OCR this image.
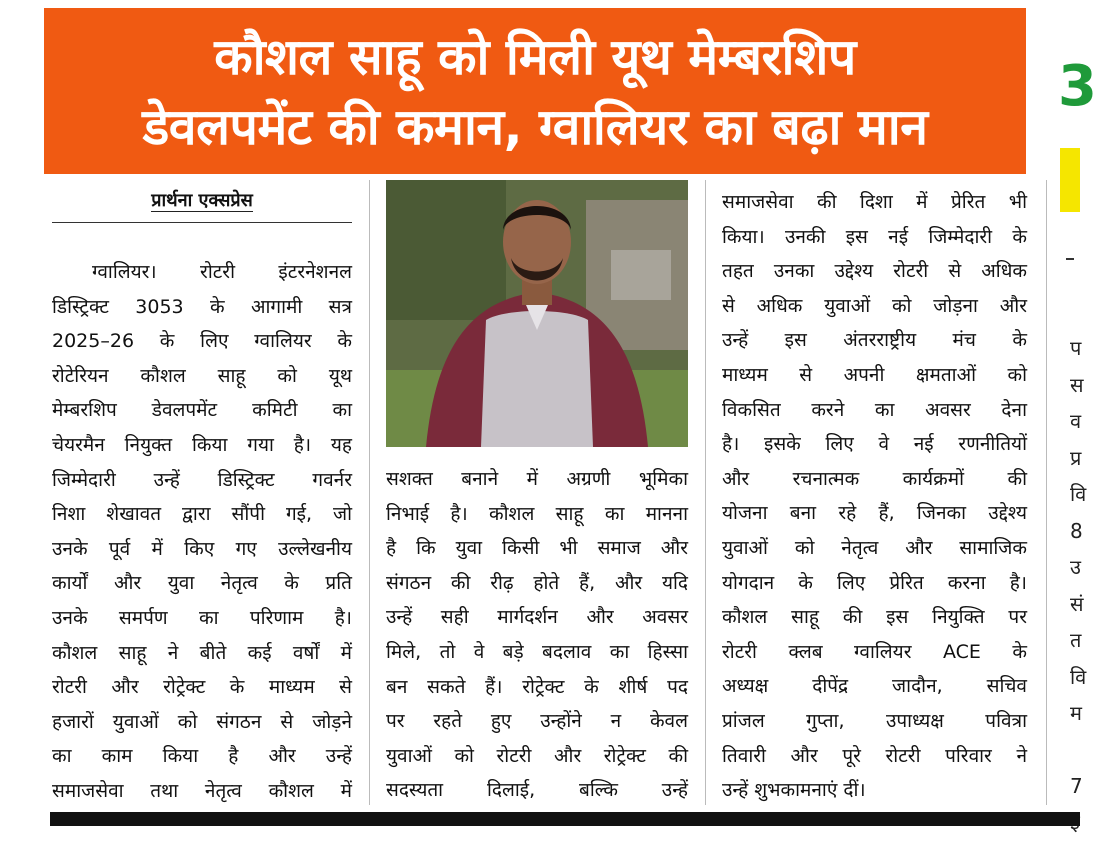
कौशल साहू को मिली यूथ मेम्बरशिप
डेवलपमेंट की कमान, ग्वालियर का बढ़ा मान
3
प
स
व
प्र
वि
8
उ
सं
त
वि
म
7
प्रार्थना एक्सप्रेस

ग्वालियर। रोटरी इंटरनेशनल

डिस्ट्रिक्ट 3053 के आगामी सत्र

2025–26 के लिए ग्वालियर के

रोटेरियन कौशल साहू को यूथ

मेम्बरशिप डेवलपमेंट कमिटी का

चेयरमैन नियुक्त किया गया है। यह

जिम्मेदारी उन्हें डिस्ट्रिक्ट गवर्नर

निशा शेखावत द्वारा सौंपी गई, जो

उनके पूर्व में किए गए उल्लेखनीय

कार्यों और युवा नेतृत्व के प्रति

उनके समर्पण का परिणाम है।

कौशल साहू ने बीते कई वर्षों में

रोटरी और रोट्रेक्ट के माध्यम से

हजारों युवाओं को संगठन से जोड़ने

का काम किया है और उन्हें

समाजसेवा तथा नेतृत्व कौशल में

सशक्त बनाने में अग्रणी भूमिका

निभाई है। कौशल साहू का मानना

है कि युवा किसी भी समाज और

संगठन की रीढ़ होते हैं, और यदि

उन्हें सही मार्गदर्शन और अवसर

मिले, तो वे बड़े बदलाव का हिस्सा

बन सकते हैं। रोट्रेक्ट के शीर्ष पद

पर रहते हुए उन्होंने न केवल

युवाओं को रोटरी और रोट्रेक्ट की

सदस्यता दिलाई, बल्कि उन्हें

समाजसेवा की दिशा में प्रेरित भी

किया। उनकी इस नई जिम्मेदारी के

तहत उनका उद्देश्य रोटरी से अधिक

से अधिक युवाओं को जोड़ना और

उन्हें इस अंतरराष्ट्रीय मंच के

माध्यम से अपनी क्षमताओं को

विकसित करने का अवसर देना

है। इसके लिए वे नई रणनीतियों

और रचनात्मक कार्यक्रमों की

योजना बना रहे हैं, जिनका उद्देश्य

युवाओं को नेतृत्व और सामाजिक

योगदान के लिए प्रेरित करना है।

कौशल साहू की इस नियुक्ति पर

रोटरी क्लब ग्वालियर ACE के

अध्यक्ष दीपेंद्र जादौन, सचिव

प्रांजल गुप्ता, उपाध्यक्ष पवित्रा

तिवारी और पूरे रोटरी परिवार ने

उन्हें शुभकामनाएं दीं।
